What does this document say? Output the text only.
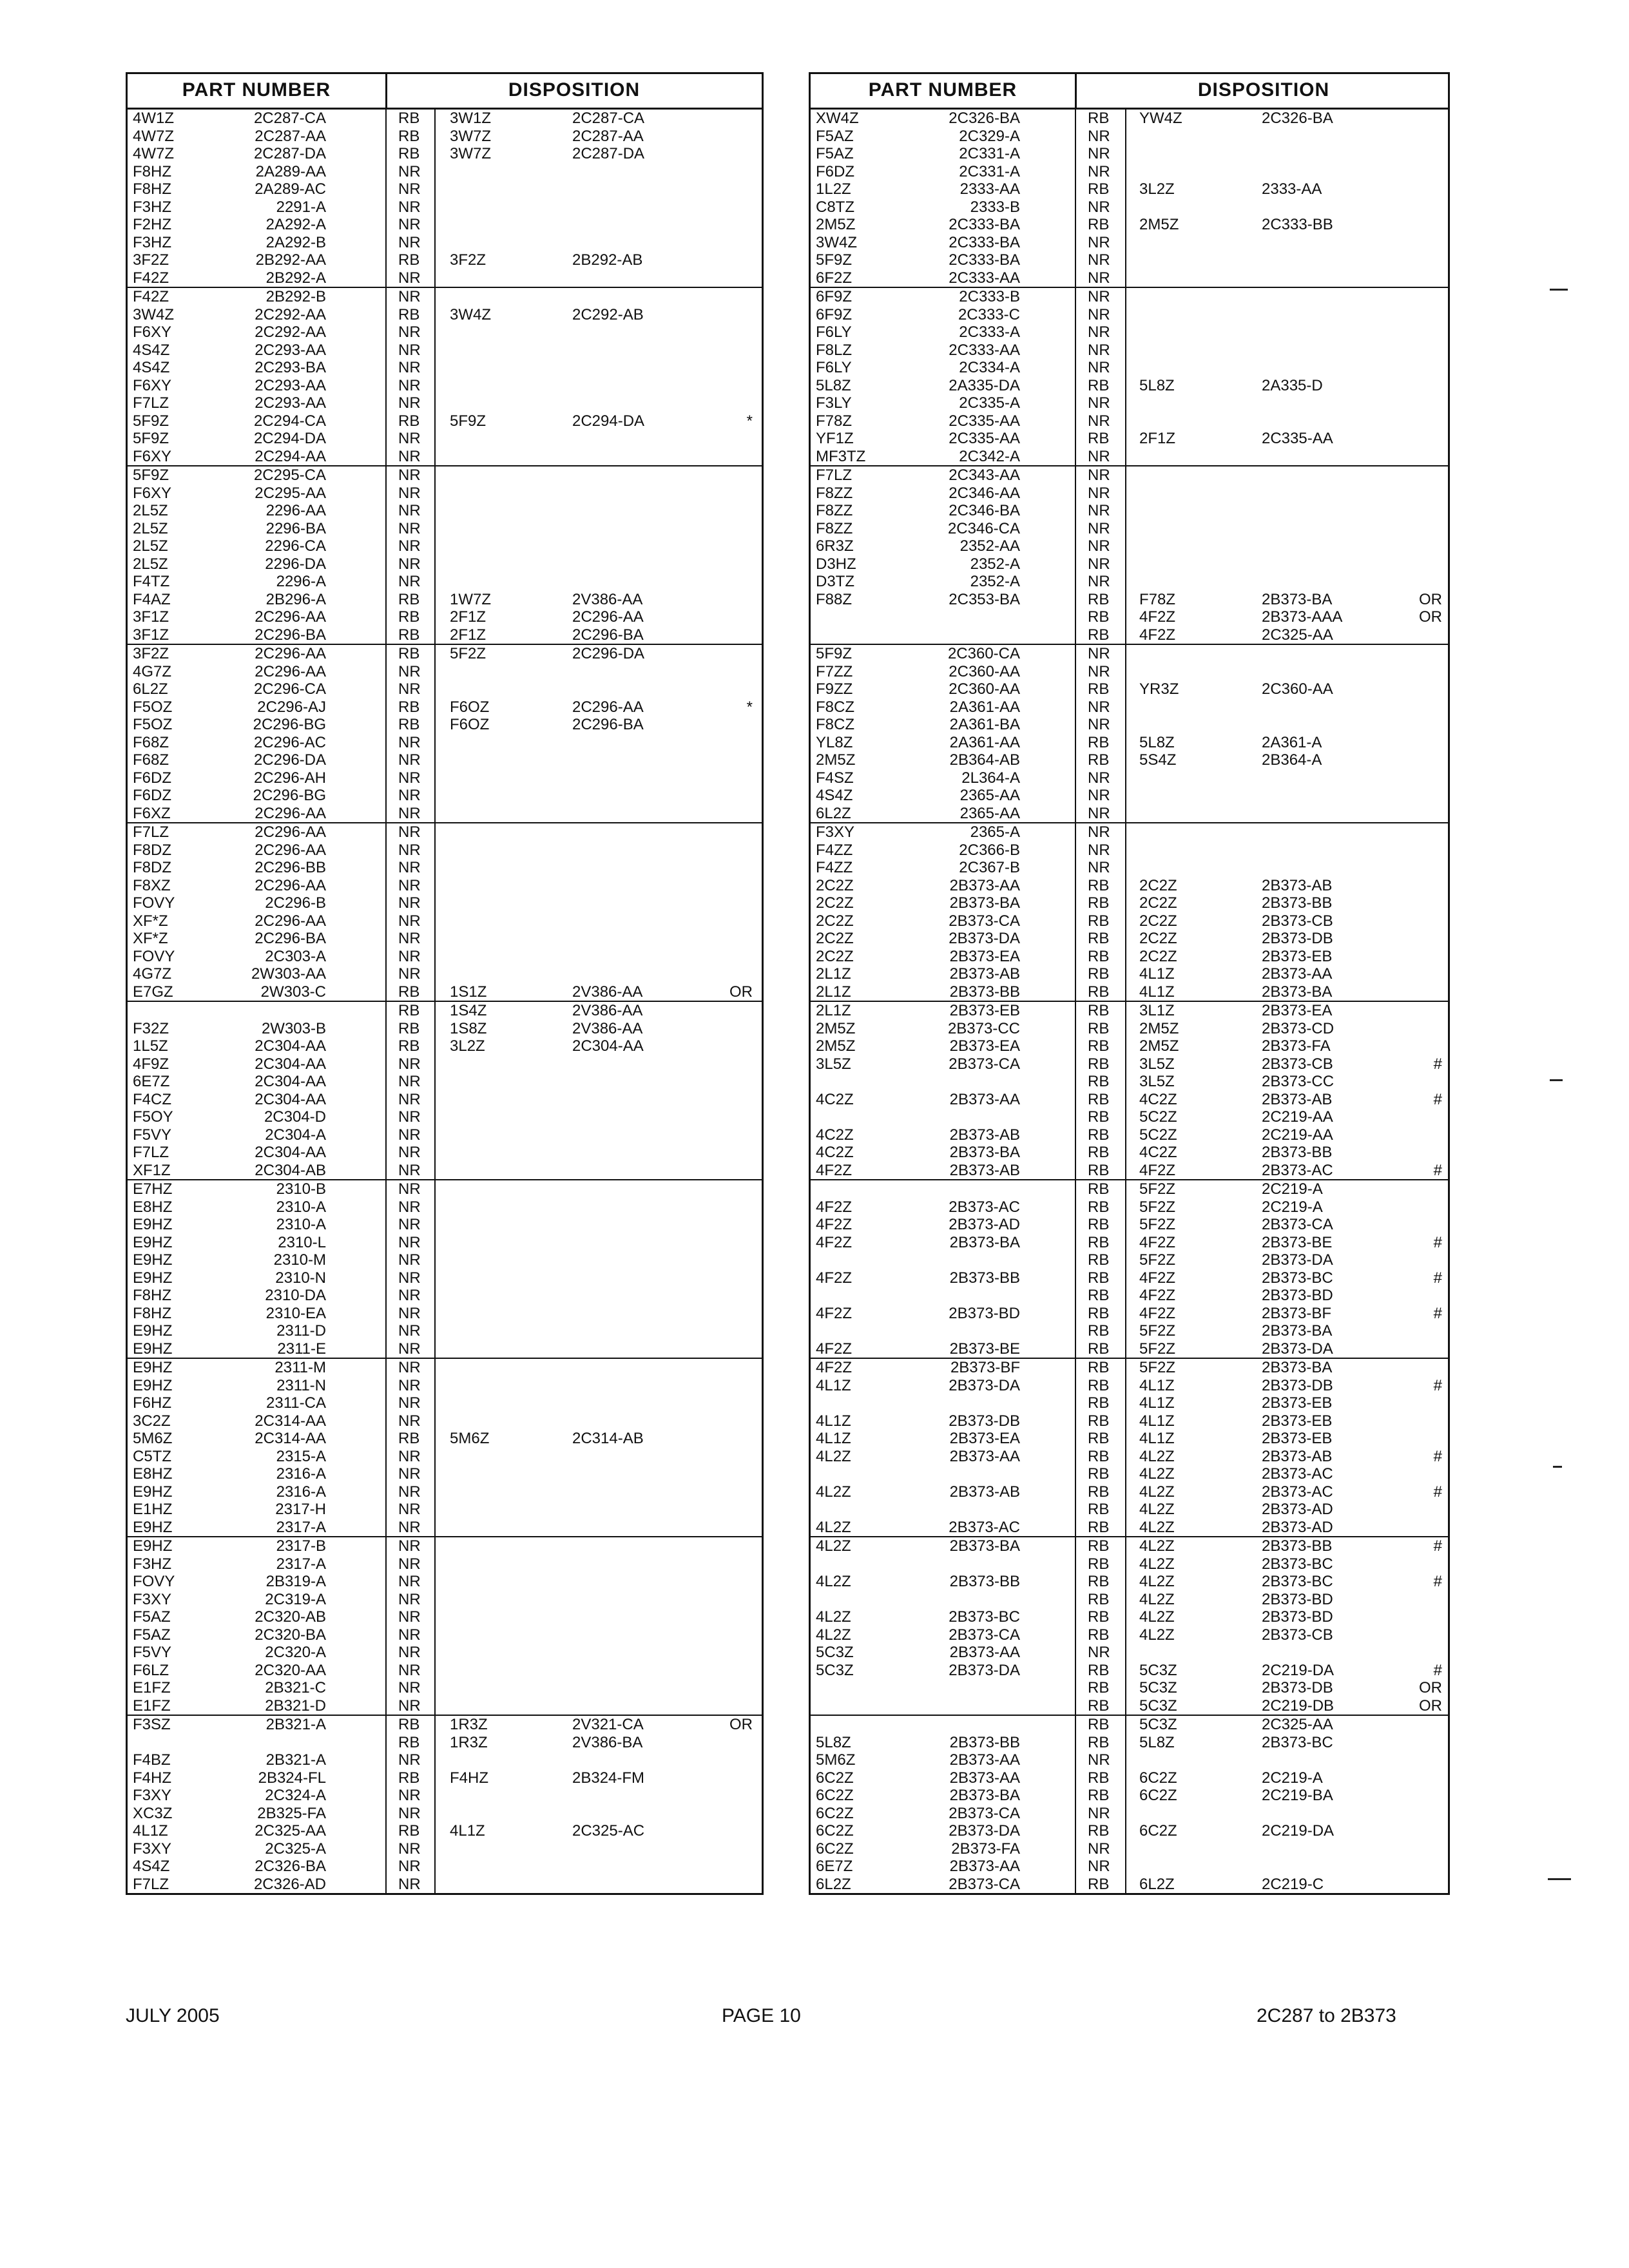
PART NUMBER	DISPOSITION
4W1Z	2C287-CA	RB 3W1Z	2C287-CA
4W7Z	2C287-AA	RB 3W7Z	2C287-AA
4W7Z	2C287-DA	RB 3W7Z	2C287-DA
F8HZ	2A289-AA	NR
F8HZ	2A289-AC	NR
F3HZ	2291-A	NR
F2HZ	2A292-A	NR
F3HZ	2A292-B	NR
3F2Z	2B292-AA	RB 3F2Z	2B292-AB
F42Z	2B292-A	NR
F42Z	2B292-B	NR
3W4Z	2C292-AA	RB 3W4Z	2C292-AB
F6XY	2C292-AA	NR
4S4Z	2C293-AA	NR
4S4Z	2C293-BA	NR
F6XY	2C293-AA	NR
F7LZ	2C293-AA	NR
5F9Z	2C294-CA	RB 5F9Z	2C294-DA	*
5F9Z	2C294-DA	NR
F6XY	2C294-AA	NR
5F9Z	2C295-CA	NR
F6XY	2C295-AA	NR
2L5Z	2296-AA	NR
2L5Z	2296-BA	NR
2L5Z	2296-CA	NR
2L5Z	2296-DA	NR
F4TZ	2296-A	NR
F4AZ	2B296-A	RB 1W7Z	2V386-AA
3F1Z	2C296-AA	RB 2F1Z	2C296-AA
3F1Z	2C296-BA	RB 2F1Z	2C296-BA
3F2Z	2C296-AA	RB 5F2Z	2C296-DA
4G7Z	2C296-AA	NR
6L2Z	2C296-CA	NR
F5OZ	2C296-AJ	RB F6OZ	2C296-AA	*
F5OZ	2C296-BG	RB F6OZ	2C296-BA
F68Z	2C296-AC	NR
F68Z	2C296-DA	NR
F6DZ	2C296-AH	NR
F6DZ	2C296-BG	NR
F6XZ	2C296-AA	NR
F7LZ	2C296-AA	NR
F8DZ	2C296-AA	NR
F8DZ	2C296-BB	NR
F8XZ	2C296-AA	NR
FOVY	2C296-B	NR
XF*Z	2C296-AA	NR
XF*Z	2C296-BA	NR
FOVY	2C303-A	NR
4G7Z	2W303-AA	NR
E7GZ	2W303-C	RB 1S1Z	2V386-AA	OR
RB 1S4Z	2V386-AA
F32Z	2W303-B	RB 1S8Z	2V386-AA
1L5Z	2C304-AA	RB 3L2Z	2C304-AA
4F9Z	2C304-AA	NR
6E7Z	2C304-AA	NR
F4CZ	2C304-AA	NR
F5OY	2C304-D	NR
F5VY	2C304-A	NR
F7LZ	2C304-AA	NR
XF1Z	2C304-AB	NR
E7HZ	2310-B	NR
E8HZ	2310-A	NR
E9HZ	2310-A	NR
E9HZ	2310-L	NR
E9HZ	2310-M	NR
E9HZ	2310-N	NR
F8HZ	2310-DA	NR
F8HZ	2310-EA	NR
E9HZ	2311-D	NR
E9HZ	2311-E	NR
E9HZ	2311-M	NR
E9HZ	2311-N	NR
F6HZ	2311-CA	NR
3C2Z	2C314-AA	NR
5M6Z	2C314-AA	RB 5M6Z	2C314-AB
C5TZ	2315-A	NR
E8HZ	2316-A	NR
E9HZ	2316-A	NR
E1HZ	2317-H	NR
E9HZ	2317-A	NR
E9HZ	2317-B	NR
F3HZ	2317-A	NR
FOVY	2B319-A	NR
F3XY	2C319-A	NR
F5AZ	2C320-AB	NR
F5AZ	2C320-BA	NR
F5VY	2C320-A	NR
F6LZ	2C320-AA	NR
E1FZ	2B321-C	NR
E1FZ	2B321-D	NR
F3SZ	2B321-A	RB 1R3Z	2V321-CA	OR
RB 1R3Z	2V386-BA
F4BZ	2B321-A	NR
F4HZ	2B324-FL	RB F4HZ	2B324-FM
F3XY	2C324-A	NR
XC3Z	2B325-FA	NR
4L1Z	2C325-AA	RB 4L1Z	2C325-AC
F3XY	2C325-A	NR
4S4Z	2C326-BA	NR
F7LZ	2C326-AD	NR
PART NUMBER	DISPOSITION
XW4Z	2C326-BA	RB YW4Z	2C326-BA
F5AZ	2C329-A	NR
F5AZ	2C331-A	NR
F6DZ	2C331-A	NR
1L2Z	2333-AA	RB 3L2Z	2333-AA
C8TZ	2333-B	NR
2M5Z	2C333-BA	RB 2M5Z	2C333-BB
3W4Z	2C333-BA	NR
5F9Z	2C333-BA	NR
6F2Z	2C333-AA	NR
6F9Z	2C333-B	NR
6F9Z	2C333-C	NR
F6LY	2C333-A	NR
F8LZ	2C333-AA	NR
F6LY	2C334-A	NR
5L8Z	2A335-DA	RB 5L8Z	2A335-D
F3LY	2C335-A	NR
F78Z	2C335-AA	NR
YF1Z	2C335-AA	RB 2F1Z	2C335-AA
MF3TZ	2C342-A	NR
F7LZ	2C343-AA	NR
F8ZZ	2C346-AA	NR
F8ZZ	2C346-BA	NR
F8ZZ	2C346-CA	NR
6R3Z	2352-AA	NR
D3HZ	2352-A	NR
D3TZ	2352-A	NR
F88Z	2C353-BA	RB F78Z	2B373-BA	OR
RB 4F2Z	2B373-AAA	OR
RB 4F2Z	2C325-AA
5F9Z	2C360-CA	NR
F7ZZ	2C360-AA	NR
F9ZZ	2C360-AA	RB YR3Z	2C360-AA
F8CZ	2A361-AA	NR
F8CZ	2A361-BA	NR
YL8Z	2A361-AA	RB 5L8Z	2A361-A
2M5Z	2B364-AB	RB 5S4Z	2B364-A
F4SZ	2L364-A	NR
4S4Z	2365-AA	NR
6L2Z	2365-AA	NR
F3XY	2365-A	NR
F4ZZ	2C366-B	NR
F4ZZ	2C367-B	NR
2C2Z	2B373-AA	RB 2C2Z	2B373-AB
2C2Z	2B373-BA	RB 2C2Z	2B373-BB
2C2Z	2B373-CA	RB 2C2Z	2B373-CB
2C2Z	2B373-DA	RB 2C2Z	2B373-DB
2C2Z	2B373-EA	RB 2C2Z	2B373-EB
2L1Z	2B373-AB	RB 4L1Z	2B373-AA
2L1Z	2B373-BB	RB 4L1Z	2B373-BA
2L1Z	2B373-EB	RB 3L1Z	2B373-EA
2M5Z	2B373-CC	RB 2M5Z	2B373-CD
2M5Z	2B373-EA	RB 2M5Z	2B373-FA
3L5Z	2B373-CA	RB 3L5Z	2B373-CB	#
RB 3L5Z	2B373-CC
4C2Z	2B373-AA	RB 4C2Z	2B373-AB	#
RB 5C2Z	2C219-AA
4C2Z	2B373-AB	RB 5C2Z	2C219-AA
4C2Z	2B373-BA	RB 4C2Z	2B373-BB
4F2Z	2B373-AB	RB 4F2Z	2B373-AC	#
RB 5F2Z	2C219-A
4F2Z	2B373-AC	RB 5F2Z	2C219-A
4F2Z	2B373-AD	RB 5F2Z	2B373-CA
4F2Z	2B373-BA	RB 4F2Z	2B373-BE	#
RB 5F2Z	2B373-DA
4F2Z	2B373-BB	RB 4F2Z	2B373-BC	#
RB 4F2Z	2B373-BD
4F2Z	2B373-BD	RB 4F2Z	2B373-BF	#
RB 5F2Z	2B373-BA
4F2Z	2B373-BE	RB 5F2Z	2B373-DA
4F2Z	2B373-BF	RB 5F2Z	2B373-BA
4L1Z	2B373-DA	RB 4L1Z	2B373-DB	#
RB 4L1Z	2B373-EB
4L1Z	2B373-DB	RB 4L1Z	2B373-EB
4L1Z	2B373-EA	RB 4L1Z	2B373-EB
4L2Z	2B373-AA	RB 4L2Z	2B373-AB	#
RB 4L2Z	2B373-AC
4L2Z	2B373-AB	RB 4L2Z	2B373-AC	#
RB 4L2Z	2B373-AD
4L2Z	2B373-AC	RB 4L2Z	2B373-AD
4L2Z	2B373-BA	RB 4L2Z	2B373-BB	#
RB 4L2Z	2B373-BC
4L2Z	2B373-BB	RB 4L2Z	2B373-BC	#
RB 4L2Z	2B373-BD
4L2Z	2B373-BC	RB 4L2Z	2B373-BD
4L2Z	2B373-CA	RB 4L2Z	2B373-CB
5C3Z	2B373-AA	NR
5C3Z	2B373-DA	RB 5C3Z	2C219-DA	#
RB 5C3Z	2B373-DB	OR
RB 5C3Z	2C219-DB	OR
RB 5C3Z	2C325-AA
5L8Z	2B373-BB	RB 5L8Z	2B373-BC
5M6Z	2B373-AA	NR
6C2Z	2B373-AA	RB 6C2Z	2C219-A
6C2Z	2B373-BA	RB 6C2Z	2C219-BA
6C2Z	2B373-CA	NR
6C2Z	2B373-DA	RB 6C2Z	2C219-DA
6C2Z	2B373-FA	NR
6E7Z	2B373-AA	NR
6L2Z	2B373-CA	RB 6L2Z	2C219-C
JULY 2005	PAGE 10	2C287 to 2B373
